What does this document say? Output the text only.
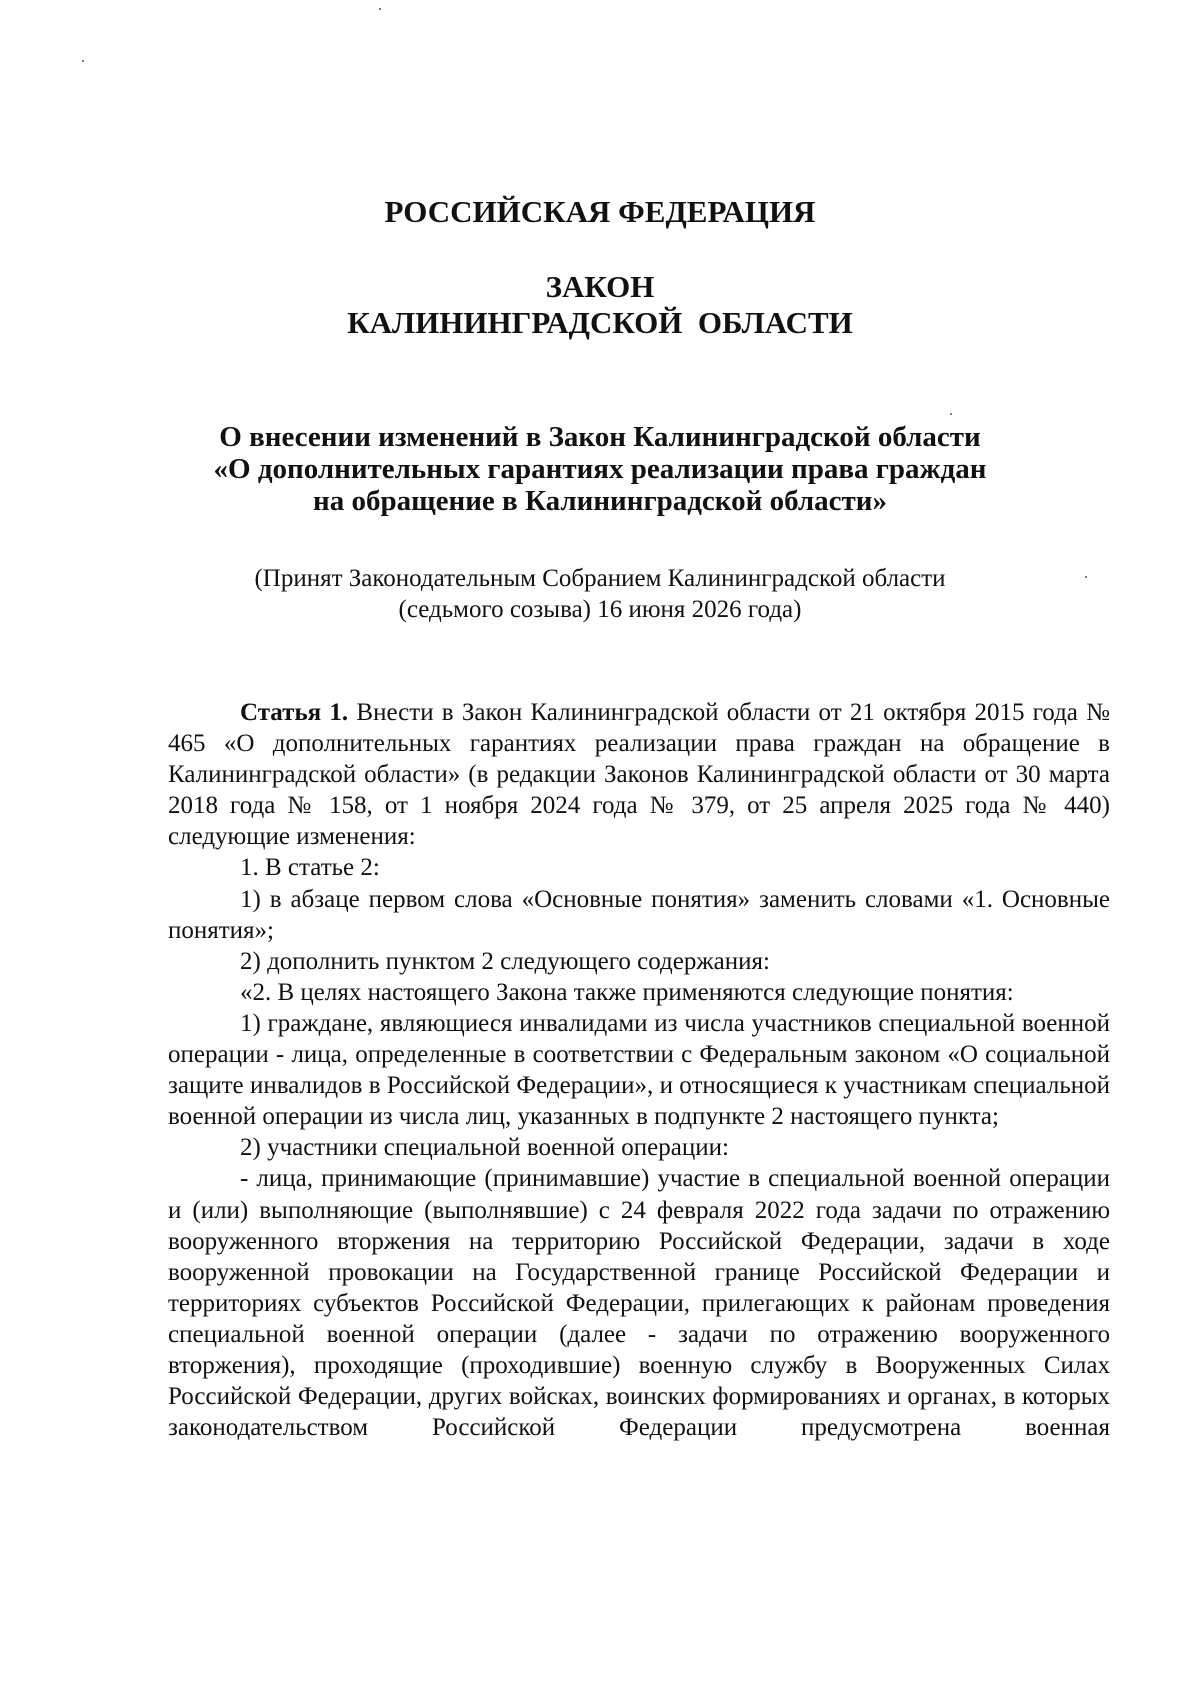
РОССИЙСКАЯ ФЕДЕРАЦИЯ
ЗАКОН
КАЛИНИНГРАДСКОЙ  ОБЛАСТИ
О внесении изменений в Закон Калининградской области
«О дополнительных гарантиях реализации права граждан
на обращение в Калининградской области»
(Принят Законодательным Собранием Калининградской области
(седьмого созыва) 16 июня 2026 года)

Статья 1. Внести в Закон Калининградской области от 21 октября 2015 года № 465 «О дополнительных гарантиях реализации права граждан на обращение в Калининградской области» (в редакции Законов Калининградской области от 30 марта 2018 года № 158, от 1 ноября 2024 года № 379, от 25 апреля 2025 года № 440) следующие изменения:

1. В статье 2:

1) в абзаце первом слова «Основные понятия» заменить словами «1. Основные понятия»;

2) дополнить пунктом 2 следующего содержания:

«2. В целях настоящего Закона также применяются следующие понятия:

1) граждане, являющиеся инвалидами из числа участников специальной военной операции - лица, определенные в соответствии с Федеральным законом «О социальной защите инвалидов в Российской Федерации», и относящиеся к участникам специальной военной операции из числа лиц, указанных в подпункте 2 настоящего пункта;

2) участники специальной военной операции:

- лица, принимающие (принимавшие) участие в специальной военной операции и (или) выполняющие (выполнявшие) с 24 февраля 2022 года задачи по отражению вооруженного вторжения на территорию Российской Федерации, задачи в ходе вооруженной провокации на Государственной границе Российской Федерации и территориях субъектов Российской Федерации, прилегающих к районам проведения специальной военной операции (далее - задачи по отражению вооруженного вторжения), проходящие (проходившие) военную службу в Вооруженных Силах Российской Федерации, других войсках, воинских формированиях и органах, в которых законодательством Российской Федерации предусмотрена военная
